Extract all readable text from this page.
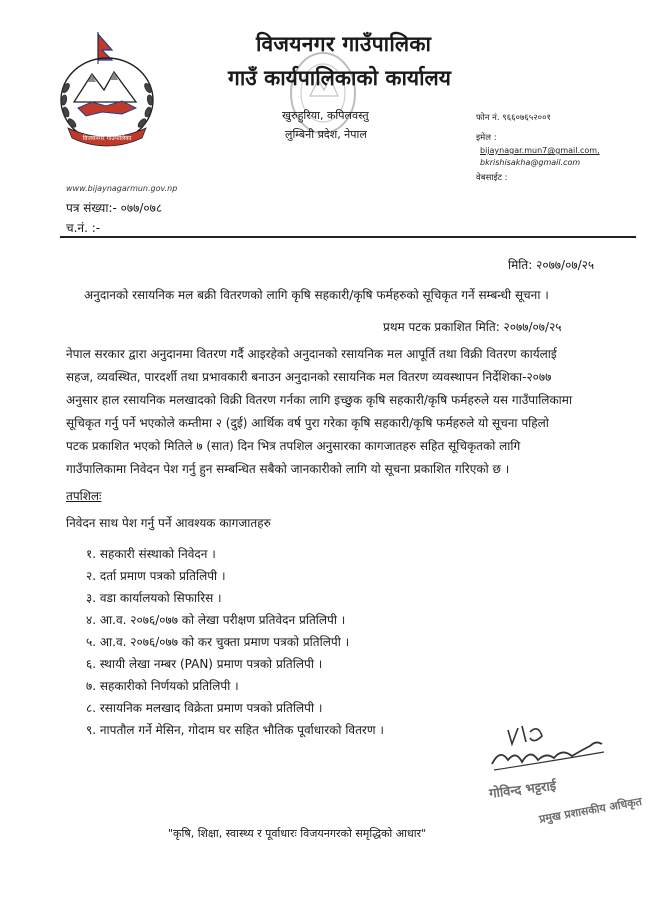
विजयनगर गाउँपालिका
विजयनगर गाउँपालिका
गाउँ कार्यपालिकाको कार्यालय
खुरुहुरिया, कपिलवस्तु
लुम्बिनी प्रदेश, नेपाल
फोन नं. ९६६०७६५२००१
इमेल :
bijaynagar.mun7@gmail.com,
bkrishisakha@gmail.com
वेबसाईट :
www.bijaynagarmun.gov.np
पत्र संख्या:- ०७७/०७८
च.नं. :-
मिति: २०७७/०७/२५
अनुदानको रसायनिक मल बक्री वितरणको लागि कृषि सहकारी/कृषि फर्महरुको सूचिकृत गर्ने सम्बन्धी सूचना ।
प्रथम पटक प्रकाशित मिति: २०७७/०७/२५
नेपाल सरकार द्वारा अनुदानमा वितरण गर्दै आइरहेको अनुदानको रसायनिक मल आपूर्ति तथा विक्री वितरण कार्यलाई
सहज, व्यवस्थित, पारदर्शी तथा प्रभावकारी बनाउन अनुदानको रसायनिक मल वितरण व्यवस्थापन निर्देशिका-२०७७
अनुसार हाल रसायनिक मलखादको विक्री वितरण गर्नका लागि इच्छुक कृषि सहकारी/कृषि फर्महरुले यस गाउँपालिकामा
सूचिकृत गर्नु पर्ने भएकोले कम्तीमा २ (दुई) आर्थिक वर्ष पुरा गरेका कृषि सहकारी/कृषि फर्महरुले यो सूचना पहिलो
पटक प्रकाशित भएको मितिले ७ (सात) दिन भित्र तपशिल अनुसारका कागजातहरु सहित सूचिकृतको लागि
गाउँपालिकामा निवेदन पेश गर्नु हुन सम्बन्धित सबैको जानकारीको लागि यो सूचना प्रकाशित गरिएको छ ।
तपशिलः
निवेदन साथ पेश गर्नु पर्ने आवश्यक कागजातहरु
१. सहकारी संस्थाको निवेदन ।
२. दर्ता प्रमाण पत्रको प्रतिलिपी ।
३. वडा कार्यालयको सिफारिस ।
४. आ.व. २०७६/०७७ को लेखा परीक्षण प्रतिवेदन प्रतिलिपी ।
५. आ.व. २०७६/०७७ को कर चुक्ता प्रमाण पत्रको प्रतिलिपी ।
६. स्थायी लेखा नम्बर (PAN) प्रमाण पत्रको प्रतिलिपी ।
७. सहकारीको निर्णयको प्रतिलिपी ।
८. रसायनिक मलखाद विक्रेता प्रमाण पत्रको प्रतिलिपी ।
९. नापतौल गर्ने मेसिन, गोदाम घर सहित भौतिक पूर्वाधारको वितरण ।
गोविन्द भट्टराई
प्रमुख प्रशासकीय अधिकृत
"कृषि, शिक्षा, स्वास्थ्य र पूर्वाधारः विजयनगरको समृद्धिको आधार"
